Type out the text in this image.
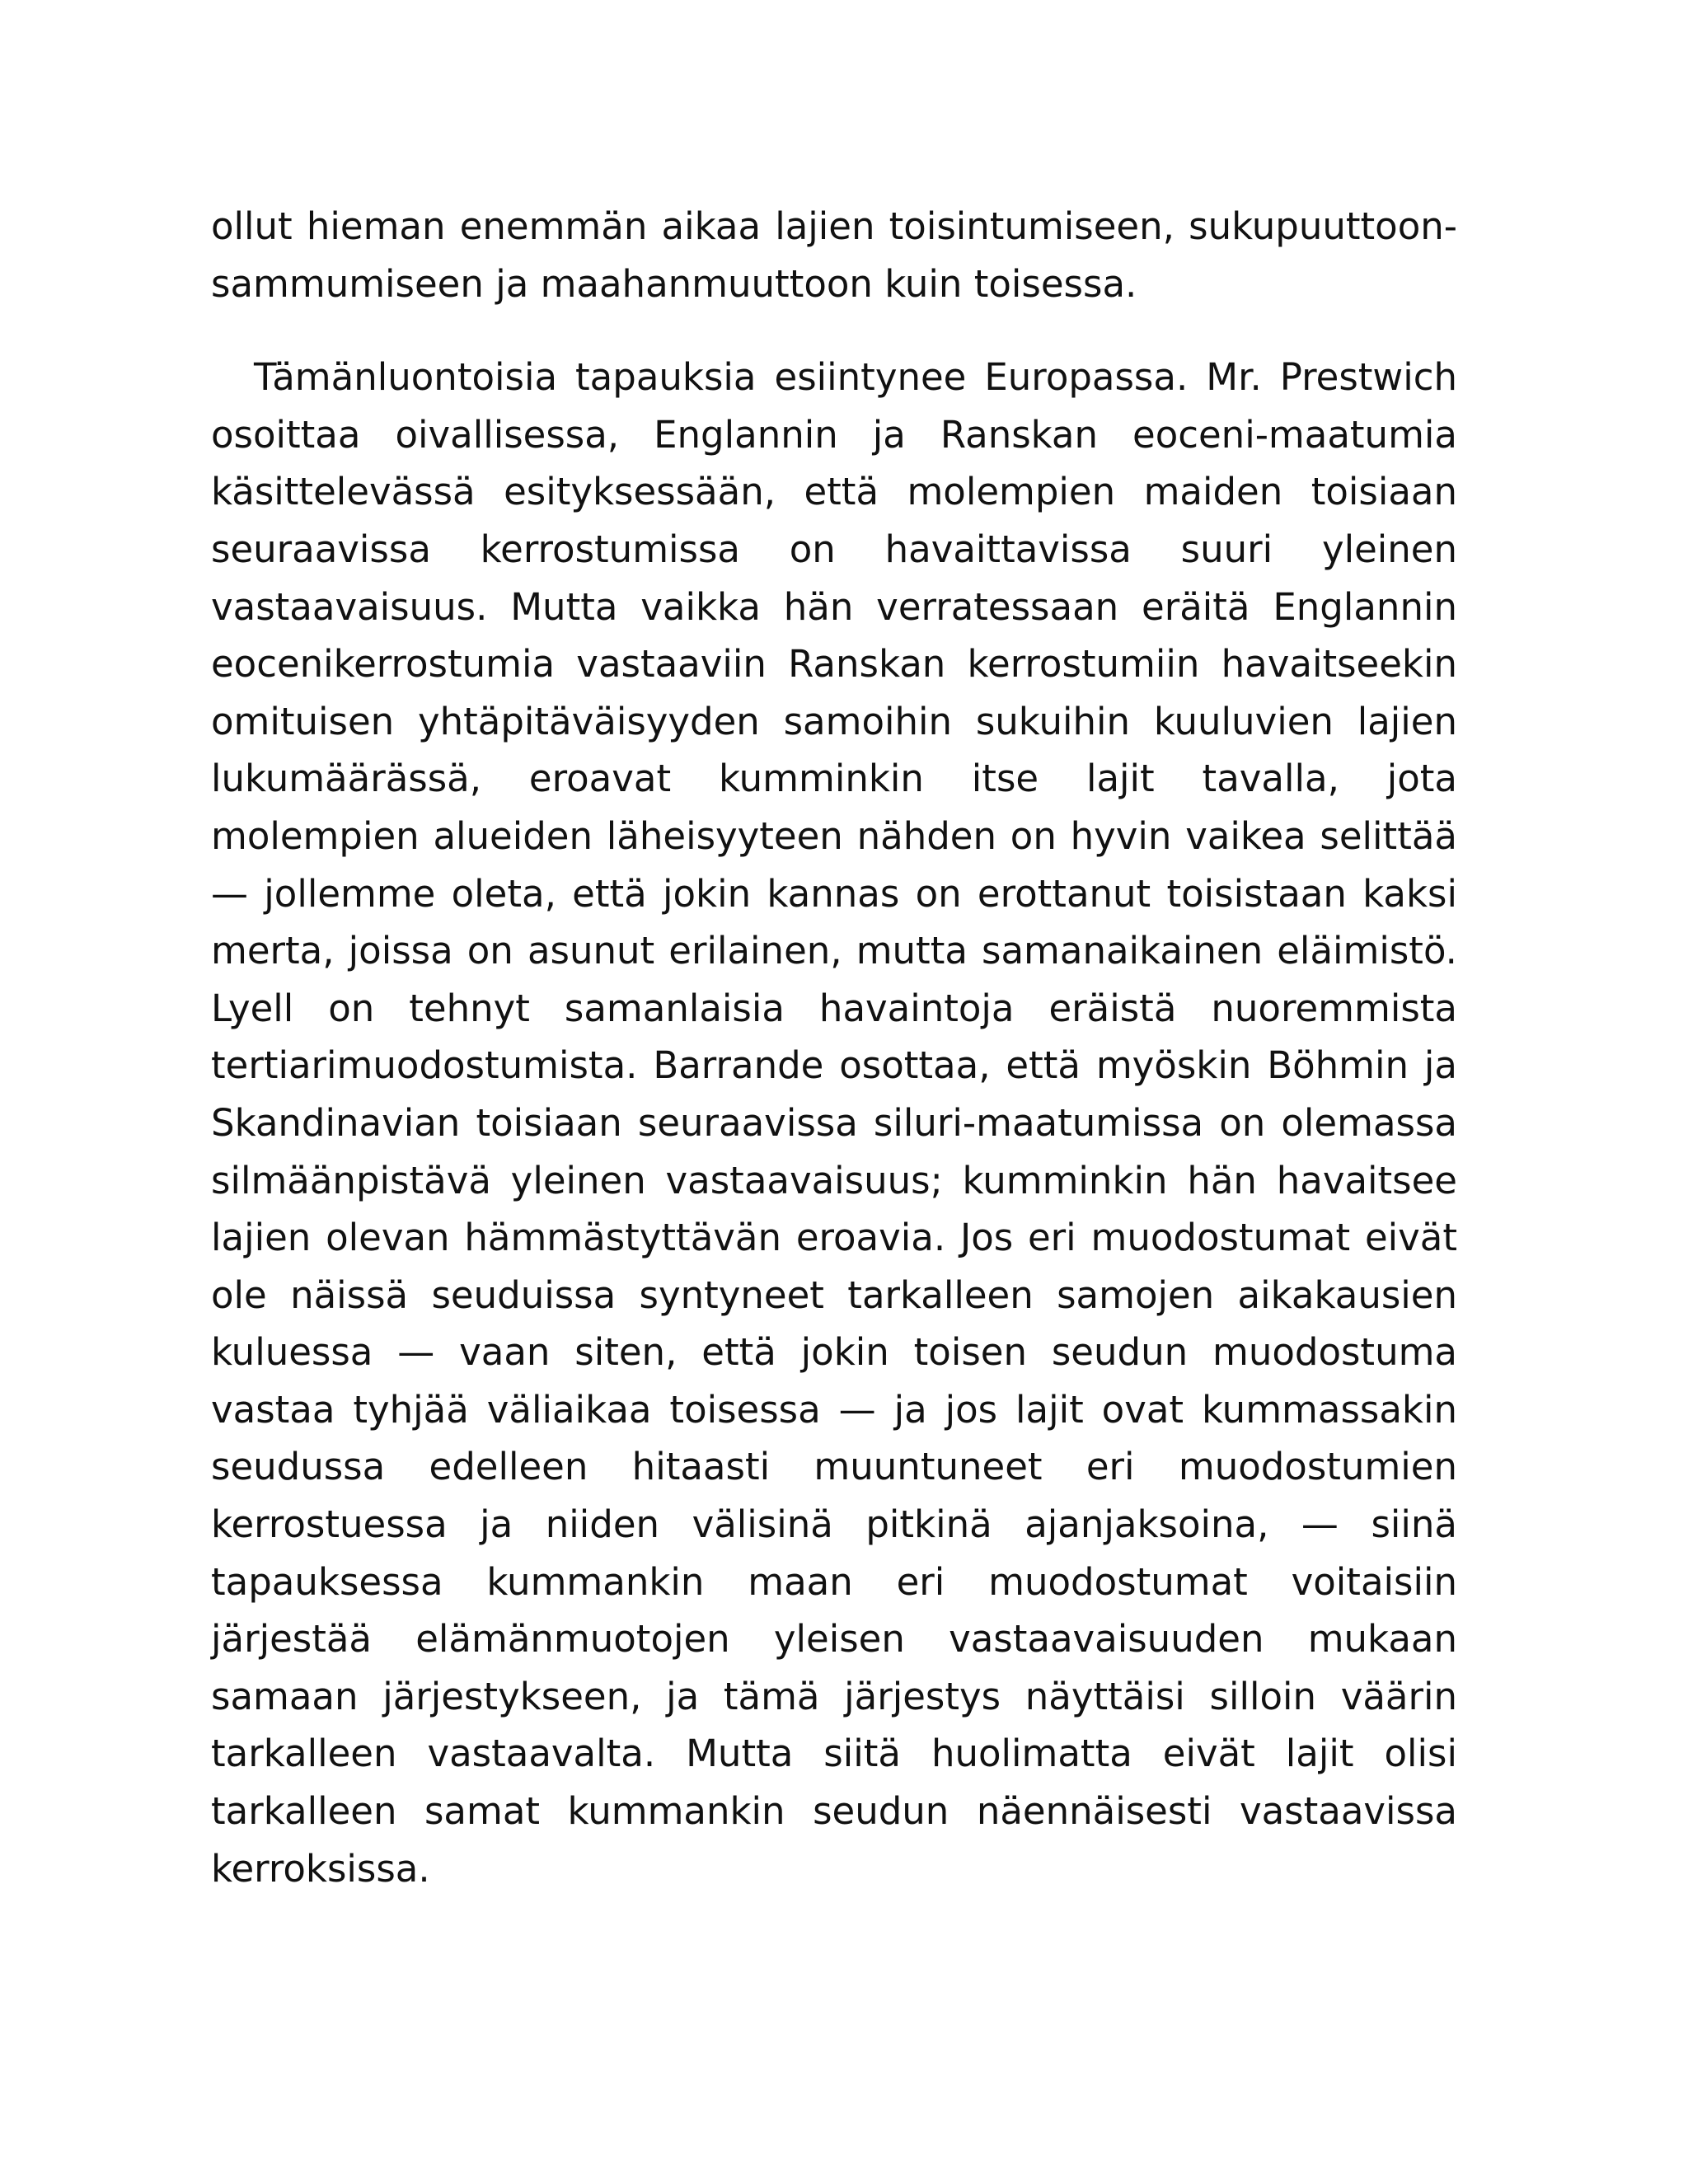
ollut hieman enemmän aikaa lajien toisintumiseen, sukupuuttoon-sammumiseen ja maahanmuuttoon kuin toisessa.

Tämänluontoisia tapauksia esiintynee Europassa. Mr. Prestwich osoittaa oivallisessa, Englannin ja Ranskan eoceni-maatumia käsittelevässä esityksessään, että molempien maiden toisiaan seuraavissa kerrostumissa on havaittavissa suuri yleinen vastaavaisuus. Mutta vaikka hän verratessaan eräitä Englannin eocenikerrostumia vastaaviin Ranskan kerrostumiin havaitseekin omituisen yhtäpitäväisyyden samoihin sukuihin kuuluvien lajien lukumäärässä, eroavat kumminkin itse lajit tavalla, jota molempien alueiden läheisyyteen nähden on hyvin vaikea selittää — jollemme oleta, että jokin kannas on erottanut toisistaan kaksi merta, joissa on asunut erilainen, mutta samanaikainen eläimistö. Lyell on tehnyt samanlaisia havaintoja eräistä nuoremmista tertiarimuodostumista. Barrande osottaa, että myöskin Böhmin ja Skandinavian toisiaan seuraavissa siluri-maatumissa on olemassa silmäänpistävä yleinen vastaavaisuus; kumminkin hän havaitsee lajien olevan hämmästyttävän eroavia. Jos eri muodostumat eivät ole näissä seuduissa syntyneet tarkalleen samojen aikakausien kuluessa — vaan siten, että jokin toisen seudun muodostuma vastaa tyhjää väliaikaa toisessa — ja jos lajit ovat kummassakin seudussa edelleen hitaasti muuntuneet eri muodostumien kerrostuessa ja niiden välisinä pitkinä ajanjaksoina, — siinä tapauksessa kummankin maan eri muodostumat voitaisiin järjestää elämänmuotojen yleisen vastaavaisuuden mukaan samaan järjestykseen, ja tämä järjestys näyttäisi silloin väärin tarkalleen vastaavalta. Mutta siitä huolimatta eivät lajit olisi tarkalleen samat kummankin seudun näennäisesti vastaavissa kerroksissa.
